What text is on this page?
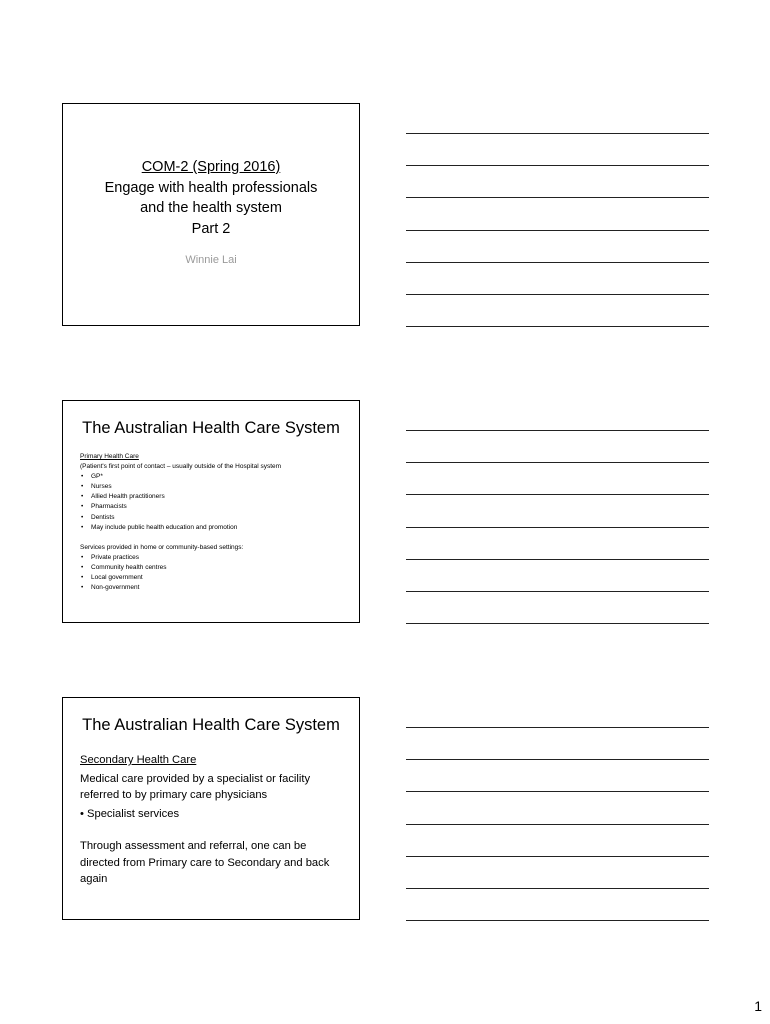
COM-2 (Spring 2016)
Engage with health professionals
and the health system
Part 2
Winnie Lai
The Australian Health Care System
Primary Health Care
(Patient's first point of contact – usually outside of the Hospital system
• GP*
• Nurses
• Allied Health practitioners
• Pharmacists
• Dentists
• May include public health education and promotion
Services provided in home or community-based settings:
• Private practices
• Community health centres
• Local government
• Non-government
The Australian Health Care System
Secondary Health Care
Medical care provided by a specialist or facility referred to by primary care physicians
• Specialist services
Through assessment and referral, one can be directed from Primary care to Secondary and back again
1
